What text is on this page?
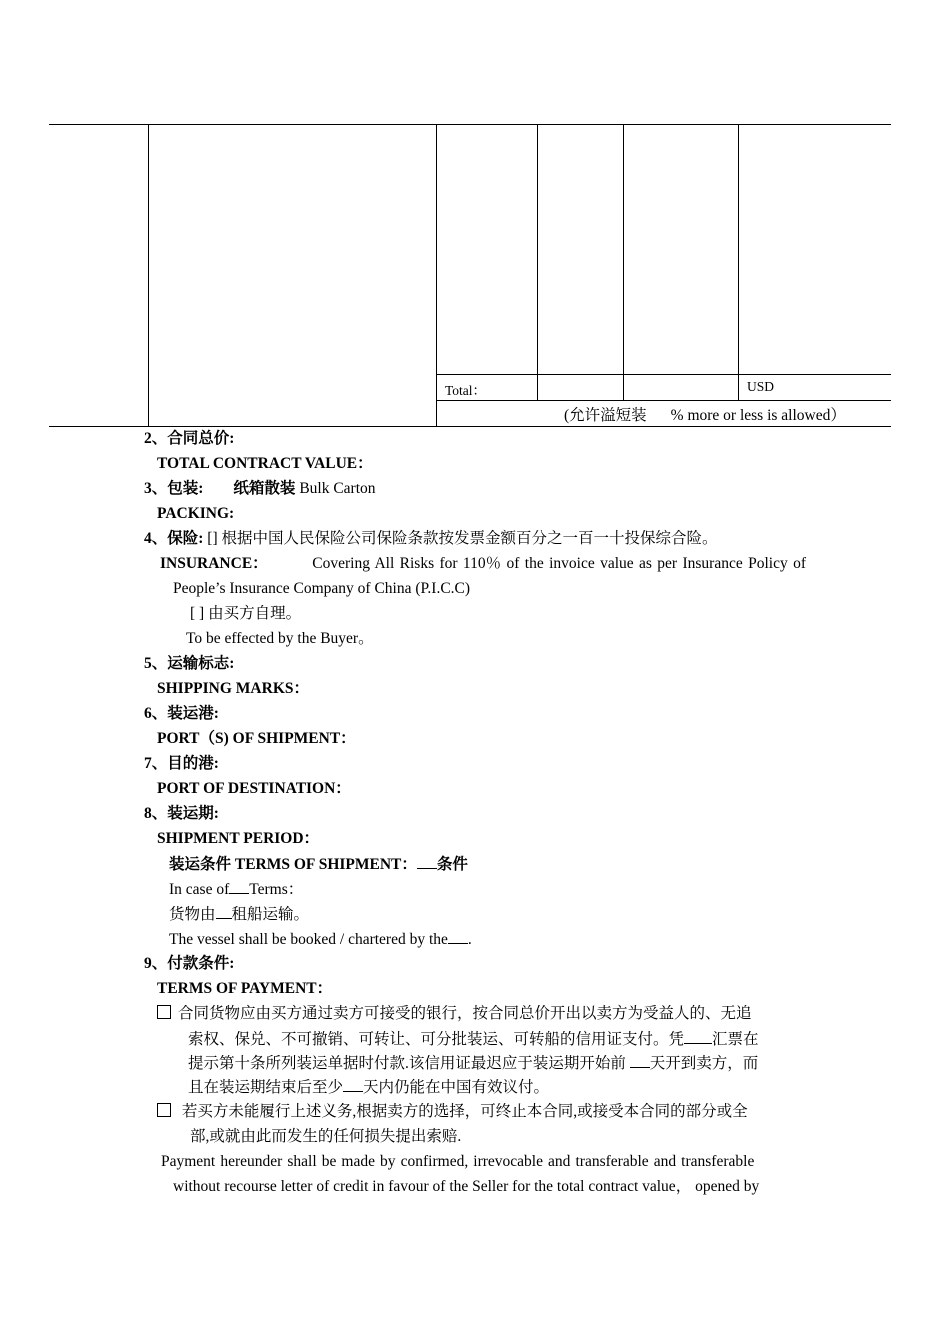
Total：	USD
(允许溢短装 % more or less is allowed）
2、合同总价:
TOTAL CONTRACT VALUE：
3、包装: 纸箱散装 Bulk Carton
PACKING:
4、保险: [] 根据中国人民保险公司保险条款按发票金额百分之一百一十投保综合险。
INSURANCE：	Covering All Risks for 110％ of the invoice value as per Insurance Policy of
People’s Insurance Company of China (P.I.C.C)
[ ] 由买方自理。
To be effected by the Buyer。
5、运输标志:
SHIPPING MARKS：
6、装运港:
PORT（S) OF SHIPMENT：
7、目的港:
PORT OF DESTINATION：
8、装运期:
SHIPMENT PERIOD：
装运条件 TERMS OF SHIPMENT： 条件
In case of Terms：
货物由 租船运输。
The vessel shall be booked / chartered by the .
9、付款条件:
TERMS OF PAYMENT：
合同货物应由买方通过卖方可接受的银行，按合同总价开出以卖方为受益人的、无追
索权、保兑、不可撤销、可转让、可分批装运、可转船的信用证支付。凭 汇票在
提示第十条所列装运单据时付款.该信用证最迟应于装运期开始前 天开到卖方，而
且在装运期结束后至少 天内仍能在中国有效议付。
若买方未能履行上述义务,根据卖方的选择，可终止本合同,或接受本合同的部分或全
部,或就由此而发生的任何损失提出索赔.
Payment hereunder shall be made by confirmed, irrevocable and transferable and transferable
without recourse letter of credit in favour of the Seller for the total contract value， opened by
